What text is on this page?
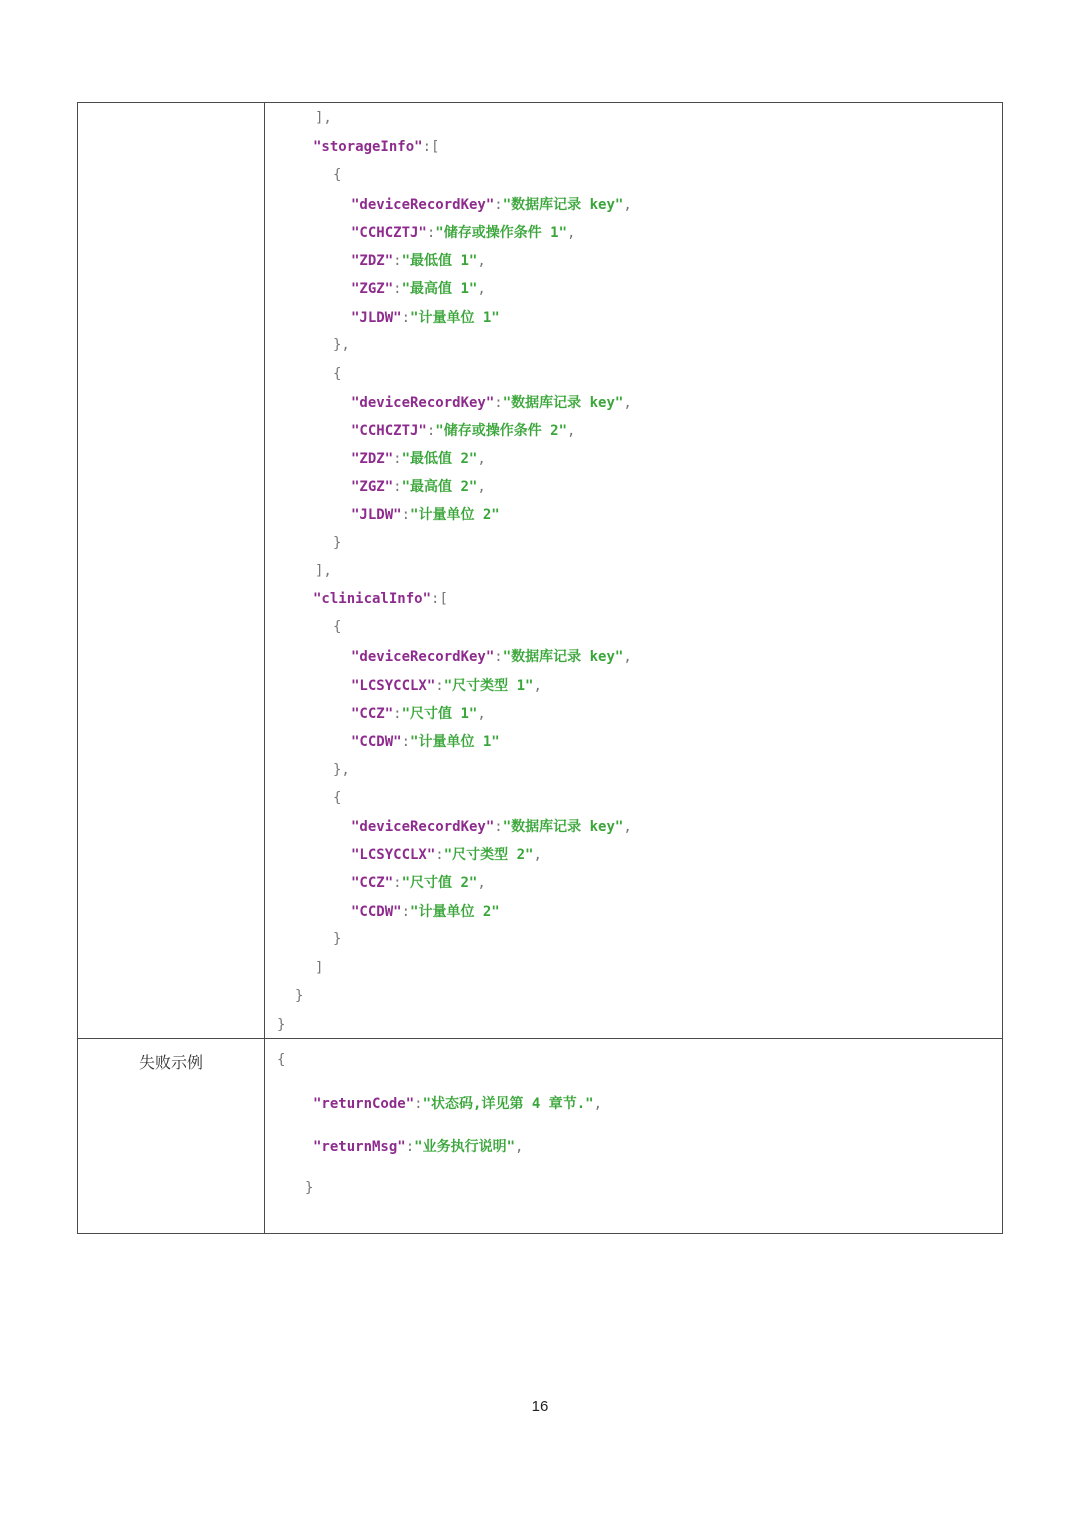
],
"storageInfo":[
{
"deviceRecordKey":"数据库记录 key",
"CCHCZTJ":"储存或操作条件 1",
"ZDZ":"最低值 1",
"ZGZ":"最高值 1",
"JLDW":"计量单位 1"
},
{
"deviceRecordKey":"数据库记录 key",
"CCHCZTJ":"储存或操作条件 2",
"ZDZ":"最低值 2",
"ZGZ":"最高值 2",
"JLDW":"计量单位 2"
}
],
"clinicalInfo":[
{
"deviceRecordKey":"数据库记录 key",
"LCSYCCLX":"尺寸类型 1",
"CCZ":"尺寸值 1",
"CCDW":"计量单位 1"
},
{
"deviceRecordKey":"数据库记录 key",
"LCSYCCLX":"尺寸类型 2",
"CCZ":"尺寸值 2",
"CCDW":"计量单位 2"
}
]
}
}
失败示例	{
"returnCode":"状态码,详见第 4 章节.",
"returnMsg":"业务执行说明",
}
16
